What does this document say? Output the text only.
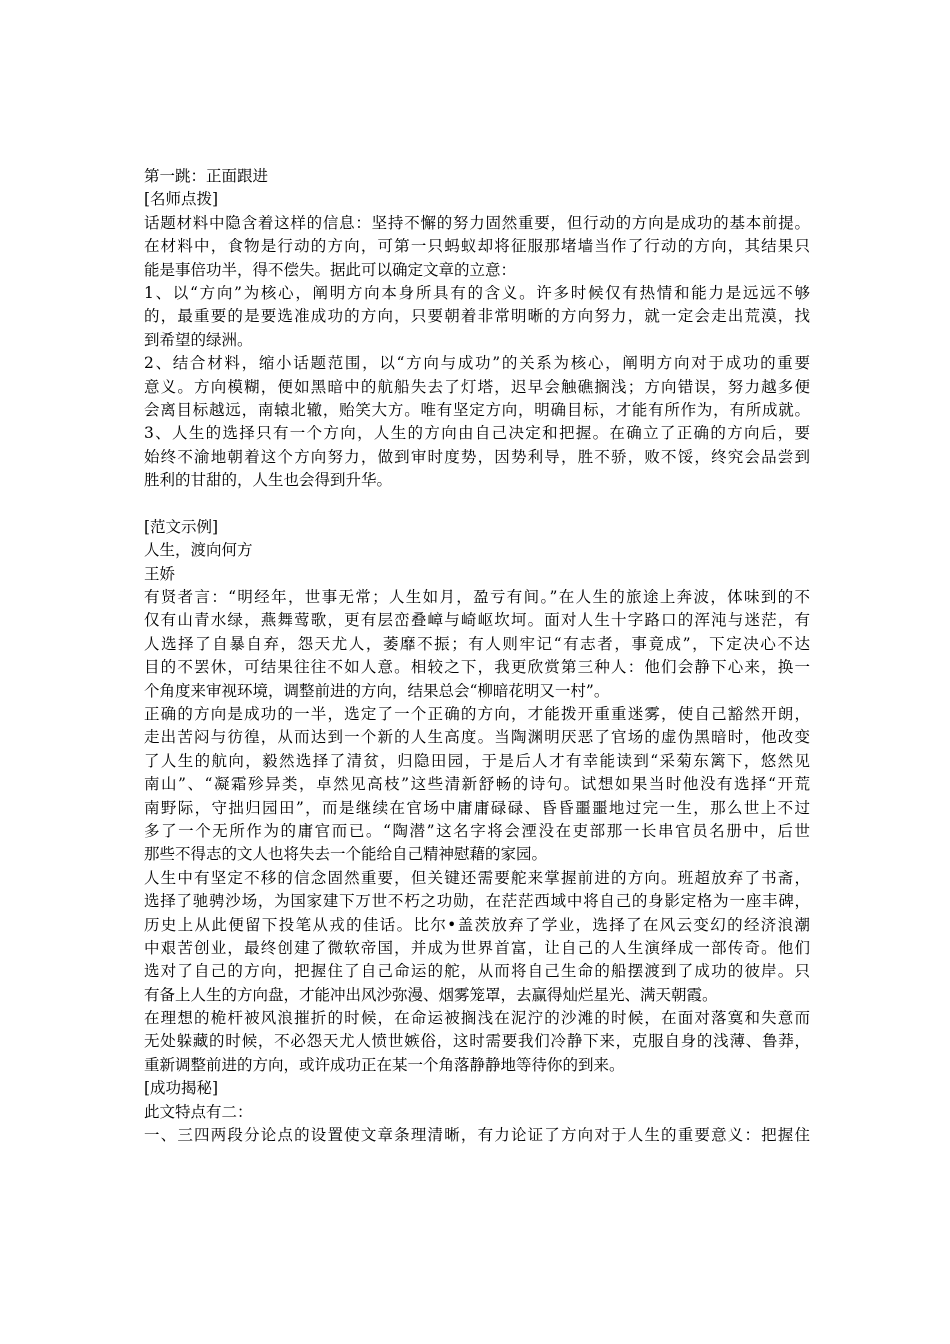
第一跳：正面跟进
[名师点拨]
话题材料中隐含着这样的信息：坚持不懈的努力固然重要，但行动的方向是成功的基本前提。
在材料中，食物是行动的方向，可第一只蚂蚁却将征服那堵墙当作了行动的方向，其结果只
能是事倍功半，得不偿失。据此可以确定文章的立意：
1、以“方向”为核心，阐明方向本身所具有的含义。许多时候仅有热情和能力是远远不够
的，最重要的是要选准成功的方向，只要朝着非常明晰的方向努力，就一定会走出荒漠，找
到希望的绿洲。
2、结合材料，缩小话题范围，以“方向与成功”的关系为核心，阐明方向对于成功的重要
意义。方向模糊，便如黑暗中的航船失去了灯塔，迟早会触礁搁浅；方向错误，努力越多便
会离目标越远，南辕北辙，贻笑大方。唯有坚定方向，明确目标，才能有所作为，有所成就。
3、人生的选择只有一个方向，人生的方向由自己决定和把握。在确立了正确的方向后，要
始终不渝地朝着这个方向努力，做到审时度势，因势利导，胜不骄，败不馁，终究会品尝到
胜利的甘甜的，人生也会得到升华。
[范文示例]
人生，渡向何方
王娇
有贤者言：“明经年，世事无常；人生如月，盈亏有间。”在人生的旅途上奔波，体味到的不
仅有山青水绿，燕舞莺歌，更有层峦叠嶂与崎岖坎坷。面对人生十字路口的浑沌与迷茫，有
人选择了自暴自弃，怨天尤人，萎靡不振；有人则牢记“有志者，事竟成”，下定决心不达
目的不罢休，可结果往往不如人意。相较之下，我更欣赏第三种人：他们会静下心来，换一
个角度来审视环境，调整前进的方向，结果总会“柳暗花明又一村”。
正确的方向是成功的一半，选定了一个正确的方向，才能拨开重重迷雾，使自己豁然开朗，
走出苦闷与彷徨，从而达到一个新的人生高度。当陶渊明厌恶了官场的虚伪黑暗时，他改变
了人生的航向，毅然选择了清贫，归隐田园，于是后人才有幸能读到“采菊东篱下，悠然见
南山”、“凝霜殄异类，卓然见高枝”这些清新舒畅的诗句。试想如果当时他没有选择“开荒
南野际，守拙归园田”，而是继续在官场中庸庸碌碌、昏昏噩噩地过完一生，那么世上不过
多了一个无所作为的庸官而已。“陶潜”这名字将会湮没在吏部那一长串官员名册中，后世
那些不得志的文人也将失去一个能给自己精神慰藉的家园。
人生中有坚定不移的信念固然重要，但关键还需要舵来掌握前进的方向。班超放弃了书斋，
选择了驰骋沙场，为国家建下万世不朽之功勋，在茫茫西域中将自己的身影定格为一座丰碑，
历史上从此便留下投笔从戎的佳话。比尔•盖茨放弃了学业，选择了在风云变幻的经济浪潮
中艰苦创业，最终创建了微软帝国，并成为世界首富，让自己的人生演绎成一部传奇。他们
选对了自己的方向，把握住了自己命运的舵，从而将自己生命的船摆渡到了成功的彼岸。只
有备上人生的方向盘，才能冲出风沙弥漫、烟雾笼罩，去赢得灿烂星光、满天朝霞。
在理想的桅杆被风浪摧折的时候，在命运被搁浅在泥泞的沙滩的时候，在面对落寞和失意而
无处躲藏的时候，不必怨天尤人愤世嫉俗，这时需要我们冷静下来，克服自身的浅薄、鲁莽，
重新调整前进的方向，或许成功正在某一个角落静静地等待你的到来。
[成功揭秘]
此文特点有二：
一、三四两段分论点的设置使文章条理清晰，有力论证了方向对于人生的重要意义：把握住
